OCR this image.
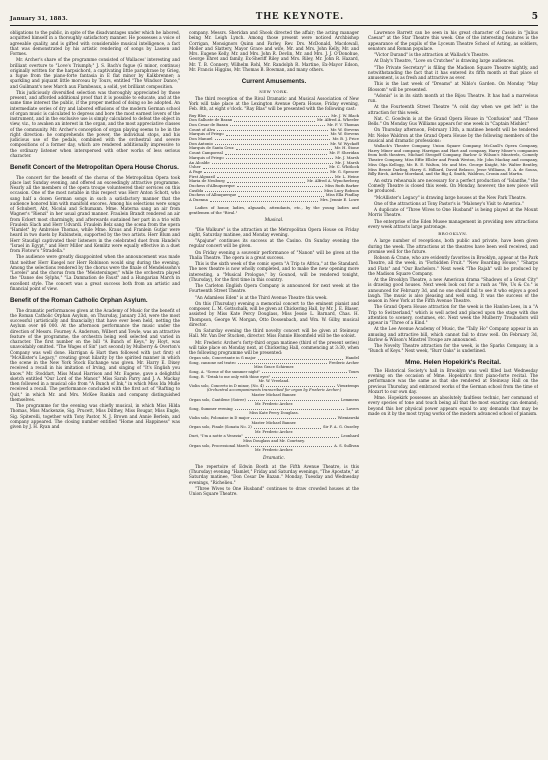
January 31, 1883.	THE KEYNOTE.	5

obligations to the public, in spite of the disadvantages under which he labored, acquitted himself in a thoroughly satisfactory manner. He possesses a voice of agreeable quality, and is gifted with considerable musical intelligence, a fact that was demonstrated by his artistic rendering of songs by Lassen and Formes.

Mr. Archer's share of the programme consisted of Wallaces' interesting and brilliant overture to "Love's Triumph;" J. S. Bach's fugue (G minor, continuo) originally written for the harpsichord, a captivating little paraphrase by Grieg, a fugue from the piano-forte fantasia in E flat minor by Kalkbrenner; a sparkling and piquant little morceau by Tours, entitled "The Windsor Dance," and Guilmant's new March aux Flambeaux, a solid, yet brilliant composition.

This judiciously diversified selection was thoroughly appreciated by those present, and afforded additional proof that it is possible to educate, and at the same time interest the public, if the proper method of doing so be adopted. An intermediate series of dry and labored effusions of the modern German school of organ music is calculated to depress and bore the most earnest lovers of the instrument, and in the exclusive use is simply calculated to defeat the object in view, viz., to awaken an interest in the organ, and the most appreciative classes of the community. Mr. Archer's conception of organ playing seems to be in the right direction: he comprehends the power, the individual stops, and his judicious use of the pedals, combined with the orchestral and severe compositions of a former day, which are rendered additionally impressive to the ordinary listener when interspersed with other works of less serious character.

Benefit Concert of the Metropolitan Opera House Chorus.

The concert for the benefit of the chorus of the Metropolitan Opera took place last Sunday evening, and offered an exceedingly attractive programme. Nearly all the members of the opera troupe volunteered their services on this occasion. One of the most notable in this respect was Herr Anton Schott, who sang half a dozen German songs in such a satisfactory manner that the audience honored him with manifold encores. Among his selections were songs of Schubert, Abt, Nicolai and Schumann. Mme. Materna sang an air from Wagner's "Rienzi" in her usual grand manner. Fraulein Brandt rendered an air from Eckert most charmingly, and afterwards sustained her part in a trio with Fraulein Slach and Herr Udvardi. Fraulein Belz sang the scena from the opera "Hamlet" by Ambroise Thomas, while Mme. Kraus and Franlein Gutjar were heard in two duets by Rubinstein, supported by the two artists. Herr Blum and Herr Staudigl captivated their listeners in the celebrated duet from Handel's "Israel in Egypt," and Herr Miller and Kemlitz were equally effective in a duet from Flotow's "Stradella."

The audience were greatly disappointed when the announcement was made that neither Herr Kuegel nor Herr Robinson would sing during the evening. Among the selections rendered by the chorus were the finale of Mendelssohn's "Lorelei" and the chorus from the "Meistersinger," while the orchestra played the "Danse des Sylphs," "La Damnation de Faust" and a Hungarian March in excellent style. The concert was a great success both from an artistic and financial point of view.

Benefit of the Roman Catholic Orphan Asylum.

The dramatic performances given at the Academy of Music for the benefit of the Roman Catholic Orphan Asylum, on Thursday, January 23d, were the most successful (artistically and financially) that have ever been held, netting the Asylum over $6 000. At the afternoon performance the music under the direction of Messrs. Fourney A. Anderson, Wilbert and Towle, was an attractive feature of the programme, the orchestra being well selected and varied in character. The first number on the bill "A Bunch of Keys," by Hoyt, was unavoidably omitted. "The Wages of Sin" (act second) by Mulberry & Overton's Company was well done. Harrigan & Hart then followed with (act first) of "McAllister's Legacy," creating great hilarity by the spirited manner in which the scene in the New York Stock Exchange was given. Mr. Harry E. Dixey received a recall in his imitation of Irving, and singing of "It's English you know." Mr. Stoddart, Miss Maud Harrison and Mr. Eugene, gave a delightful sketch entitled "Our Lord of the Manor." Miss Sarah Parry and J. A. Mackay then followed in a musical olio from "A Bunch of Ink," in which Miss Ida Mulle received a recall. The performance concluded with the first act of "Rafting to Quit," in which Mr. and Mrs. McKee Rankin and company distinguished themselves.

The programme for the evening was chiefly musical, in which Miss Hilda Thomas, Miss Mackenzie, Sig. Prucett, Miss Dilthey, Miss Bougar, Miss Engle, Sig. Spiterelli, together with Tony Pastor, N. J. Brown and Annie Berlein, and company appeared. The closing number entitled "Home and Happiness" was given by J. H. Ryan and

company. Messrs. Sheridan and Shook directed the affair; the acting manager being Mr. Leigh Lynch. Among those present were noticed Archbishop Corrigan, Monsignors Quinn and Farley, Rev. Drs. McDonald, Macdowall, Moller and Slattery, Mayor Grace and wife, Mr. and Mrs. John Kelly, Mr. and Mrs. Eugene Kelly, Mr. and Mrs. John R. Devlin, Mr. and Mrs. J. J. O'Donohue, George Ehret and family, Ex-Sheriff Riley and Mrs. Riley, Mr. John R. Hazard, Mr. T. B. Connery, Wilhelm Rohl, Mr. Randolph R. Martine, Ex-Mayor Edson, Mr. Francis Higgins, Mr. Thomas B. Bowman, and many others.

Current Amusements.
NEW YORK.

The third reception of the Rival Dramatic and Musical Association of New York will take place at the Lexington Avenue Opera House, Friday evening, Feb. 8th, at eight o'clock. "Ray Blas" will be presented with the following cast:

Ruy Blas	Mr. J. W. Black
Don Salluste de Bazan	Mr. Alfred A. Wheeler
Don Cesar de Bazan	Mr. F. V. Thomas
Count of Alva	Mr. W. Stevens
Marquis of Priego	Mr. W. Stevens
Don Manuel	Mr. B. J. Price
Don Antonio	Mr. W. Wyckoff
Marquis de Santa Cruz	Mr. H. Stone
Count Camporeal	Mr. F. Sheridan
Marquis of Priego	Mr. J. Marsh
An Alcalde	Mr. J. Marsh
Usher	Mr. C. Whitlock
A Page	Mr. G. Spencer
First Alguazil	Mr. L. Heine
Maria de Neuburg	Mr. Alfred A. Wyncherberg
Duchess d'Albuquerque	Miss Ruth Barker
Casilda	Miss Lucy Robson
Duchess of Albuquerque	Miss Ella Findlay
A Duenna	Mrs. Jennie E. Lowe

Ladies of honor, ladies, alguazils, attendants, etc., by the young ladies and gentlemen of the "Rival."

Musical.

"Die Walkure" is the attraction at the Metropolitan Opera House on Friday night, Saturday matinee, and Monday evening.

"Apajune" continues its success at the Casino. On Sunday evening the regular concert will be given.

On Friday evening a souvenir performance of "Nanon" will be given at the Thalia Theatre. The opera is a great success.

This is the sixth week of the comic opera "A Trip to Africa," at the Standard. The new theatre is now wholly completed, and to make the new opening more interesting, a "Musical Prologue," by Gounod, will be rendered tonight, (Thursday), for the first time in this country.

The Carleton English Opera Company is announced for next week at the Fourteenth Street Theatre.

"An Adamless Eden" is at the Third Avenue Theatre this week.

On this (Thursday) evening a memorial concert to the eminent pianist and composer, L. M. Gottschalk, will be given at Chickering Hall, by Mr. J. E. Blaser, assisted by Miss Kate Percy Douglass, Miss Jessie L. Barnard, Chas. H. Thompson, George W. Morgan, Otto Dossenbach, and Wm. W. Gilby, musical director.

On Saturday evening the third novelty concert will be given at Steinway Hall. Mr. Van Der Stucken, director. Miss Fannie Bloomfield will be the soloist.

Mr. Frederic Archer's forty-third organ matinee (third of the present series) will take place on Monday next, at Chickering Hall, commencing at 3:30, when the following programme will be presented:

Organ solo, Concertante in G major	Handel
Song, canzone nel teatro	Frederic Archer
Miss Grace Schirmer.
Song, A. "Scene of the summer night"	Tours
Song, B. "Drink to me only with thine eyes"
Mr. W. Vreeland.
Violin solo, Concerto in D minor, (No. 4)	Vieuxtemps
(Orchestral accompaniments transcribed for organ by Frederic Archer.)
Master Michael Banner.
Organ solo, Cantilene (Soiree)	Lemmens
Mr. Frederic Archer.
Song, Summer evening	Lavers
Miss Kate Percy Douglass.
Violin solo, Polonaise in D major	Wieniawski
Master Michael Banner.
Organ solo, Finale (Sonata No. 2)	Sir F. A. G. Ouseley
Mr. Frederic Archer.
Duet, "I'm a notte a Venezia"	Leonhard
Miss Douglass and Mr. Courtney.
Organ solo, Processional March	A. S. Sullivan
Mr. Frederic Archer.
Dramatic.

The repertoire of Edwin Booth at the Fifth Avenue Theatre, is this (Thursday) evening "Hamlet," Friday and Saturday evenings, "The Apostate," at Saturday matinee, "Don Cesar De Bazan." Monday, Tuesday and Wednesday evenings, "Richelieu."

"Three Wives to One Husband" continues to draw crowded houses at the Union Square Theatre.

Lawrence Barrett can be seen in his great character of Cassio in "Julius Caesar" at the Star Theatre this week. One of the interesting features is the appearance of the pupils of the Lyceum Theatre School of Acting, as soldiers, senators and Roman populace.

"Victor Durand" is the attraction at Wallack's Theatre.

At Daly's Theatre, "Love on Crutches" is drawing large audiences.

"The Private Secretary" is filling the Madison Square Theatre nightly, and notwithstanding the fact that it has entered its fifth month at that place of amusement, is as fresh and attractive as ever.

This is the last week of "Dreams" at Niblo's Garden. On Monday "May Blossom" will be presented.

"Adonis" is in its sixth month at the Bijou Theatre. It has had a marvelous run.

At the Fourteenth Street Theatre "A cold day when we get left" is the attraction for this week.

Nat. C. Goodwin is at the Grand Opera House in "Confusion" and "Those Bells." On Monday Gus Williams appears for one week in "Captain Mishler."

On Thursday afternoon, February 13th, a matinee benefit will be tendered Mr. Nelse Waldron at the Grand Opera House by the following members of the musical and dramatic professions:

Wallack's Theatre Company, Union Square Company, McCaull's Opera Company, Harry Miner and company, Harrigan and Hart and company, Harry Miner's companies from both theatres, Michael Strogoff Company, Barlow & Wilson's Minstrels, Comedy Theatre Company, Miss Effie Ellsler and Frank Weston, Mr. John Mackay and company, Miss Olga Kellogg, Mr. R. E. Walton, Mr. and Mrs. George Knight, Mr. Walter Bentley, Miss Bessie Darling, Harry S. Hilliard, David Belasco, Jesse Williams, E. A. de Sousa, Billy Birch, Arthur Moreland, and the Big 4, Smith, Waldron, Cronin and Martin.

An extra rehearsals are necessary for a perfect production of "Iolanthe," the Comedy Theatre is closed this week. On Monday, however, the new piece will be produced.

"McAllister's Legacy" is drawing large houses at the New Park Theatre.

One of the attractions at Tony Pastor's is "Maloney's Visit to America."

A duplicate of "Three Wives to One Husband" is being played at the Mount Morris Theatre.

The enterprise of the Eden Musee management in providing new attractions every week attracts large patronage.

BROOKLYN.

A large number of receptions, both public and private, have been given during the week. The attractions at the theatres have been well received, and promise well for the future.

Robson & Crane, who are evidently favorites in Brooklyn, appear at the Park Theatre, all the week, in "Forbidden Fruit." "New Boarding House," "Sharps and Flats" and "Our Bachelors." Next week "The Rajah" will be produced by the Madison Square Company.

At the Brooklyn Theatre, a new American drama "Shadows of a Great City" is drawing good houses. Next week look out for a rush as "We, Us & Co." is announced for February 3d, and no one should fail to see it who enjoys a good laugh. The music is also pleasing and well sung. It was the success of the season in New York at the Fifth Avenue Theatre.

The Grand Opera House attraction for the week is the Hanlon-Lees, in a "A Trip to Switzerland," which is well acted and placed upon the stage with due attention to scenery, costumes, etc. Next week the Mulberry Troubadors will appear in "Three of a Kind."

At the Lee Avenue Academy of Music, the "Tally Ho" Company appear in an amusing and attractive bill, which cannot fail to draw well. On February 3d, Barlow & Wilson's Minstrel Troupe are announced.

The Novelty Theatre attraction for the week, is the Sparks Company, in a "Bunch of Keys." Next week, "Burr Oaks" is underlined.

Mme. Helen Hopekirk's Recital.

The Historical Society's hall in Brooklyn was well filled last Wednesday evening on the occasion of Mme. Hopekirk's first piano-forte recital. The performance was the same as that she rendered at Steinway Hall on the previous Thursday, and embraced works of the German school from the time of Mozart to our own day.

Mme. Hopekirk possesses an absolutely faultless technic, her command of every species of tone and touch being all that the most exacting can demand; beyond this her physical power appears equal to any demands that may be made on it by the most trying works of the modern advanced school of pianism.
